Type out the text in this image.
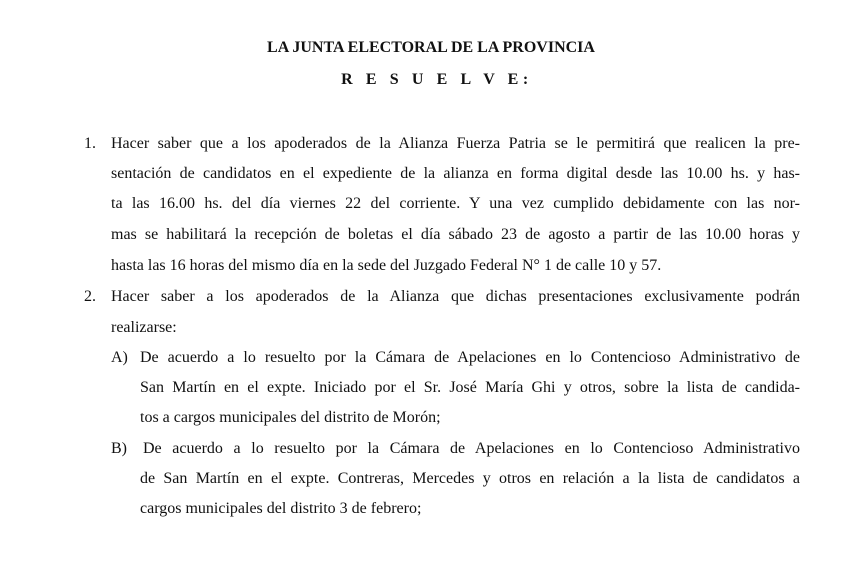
LA JUNTA ELECTORAL DE LA PROVINCIA
R E S U E L V E:
1. Hacer saber que a los apoderados de la Alianza Fuerza Patria se le permitirá que realicen la pre-
sentación de candidatos en el expediente de la alianza en forma digital desde las 10.00 hs. y has-
ta las 16.00 hs. del día viernes 22 del corriente. Y una vez cumplido debidamente con las nor-
mas se habilitará la recepción de boletas el día sábado 23 de agosto a partir de las 10.00 horas y
hasta las 16 horas del mismo día en la sede del Juzgado Federal N° 1 de calle 10 y 57.
2. Hacer saber a los apoderados de la Alianza que dichas presentaciones exclusivamente podrán
realizarse:
A) De acuerdo a lo resuelto por la Cámara de Apelaciones en lo Contencioso Administrativo de
San Martín en el expte. Iniciado por el Sr. José María Ghi y otros, sobre la lista de candida-
tos a cargos municipales del distrito de Morón;
B) De acuerdo a lo resuelto por la Cámara de Apelaciones en lo Contencioso Administrativo
de San Martín en el expte. Contreras, Mercedes y otros en relación a la lista de candidatos a
cargos municipales del distrito 3 de febrero;
